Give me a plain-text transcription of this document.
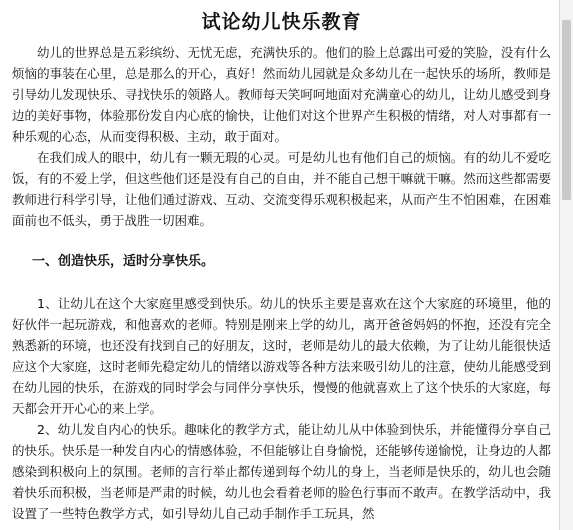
试论幼儿快乐教育

幼儿的世界总是五彩缤纷、无忧无虑，充满快乐的。他们的脸上总露出可爱的笑脸，没有什么烦恼的事装在心里，总是那么的开心，真好！然而幼儿园就是众多幼儿在一起快乐的场所，教师是引导幼儿发现快乐、寻找快乐的领路人。教师每天笑呵呵地面对充满童心的幼儿，让幼儿感受到身边的美好事物，体验那份发自内心底的愉快，让他们对这个世界产生积极的情绪，对人对事都有一种乐观的心态，从而变得积极、主动，敢于面对。

在我们成人的眼中，幼儿有一颗无瑕的心灵。可是幼儿也有他们自己的烦恼。有的幼儿不爱吃饭，有的不爱上学，但这些他们还是没有自己的自由，并不能自己想干嘛就干嘛。然而这些都需要教师进行科学引导，让他们通过游戏、互动、交流变得乐观积极起来，从而产生不怕困难，在困难面前也不低头，勇于战胜一切困难。

一、创造快乐，适时分享快乐。

1、让幼儿在这个大家庭里感受到快乐。幼儿的快乐主要是喜欢在这个大家庭的环境里，他的好伙伴一起玩游戏，和他喜欢的老师。特别是刚来上学的幼儿，离开爸爸妈妈的怀抱，还没有完全熟悉新的环境，也还没有找到自己的好朋友，这时，老师是幼儿的最大依赖，为了让幼儿能很快适应这个大家庭，这时老师先稳定幼儿的情绪以游戏等各种方法来吸引幼儿的注意，使幼儿能感受到在幼儿园的快乐，在游戏的同时学会与同伴分享快乐，慢慢的他就喜欢上了这个快乐的大家庭，每天都会开开心心的来上学。

2、幼儿发自内心的快乐。趣味化的教学方式，能让幼儿从中体验到快乐，并能懂得分享自己的快乐。快乐是一种发自内心的情感体验，不但能够让自身愉悦，还能够传递愉悦，让身边的人都感染到积极向上的氛围。老师的言行举止都传递到每个幼儿的身上，当老师是快乐的，幼儿也会随着快乐而积极，当老师是严肃的时候，幼儿也会看着老师的脸色行事而不敢声。在教学活动中，我设置了一些特色教学方式，如引导幼儿自己动手制作手工玩具，然
